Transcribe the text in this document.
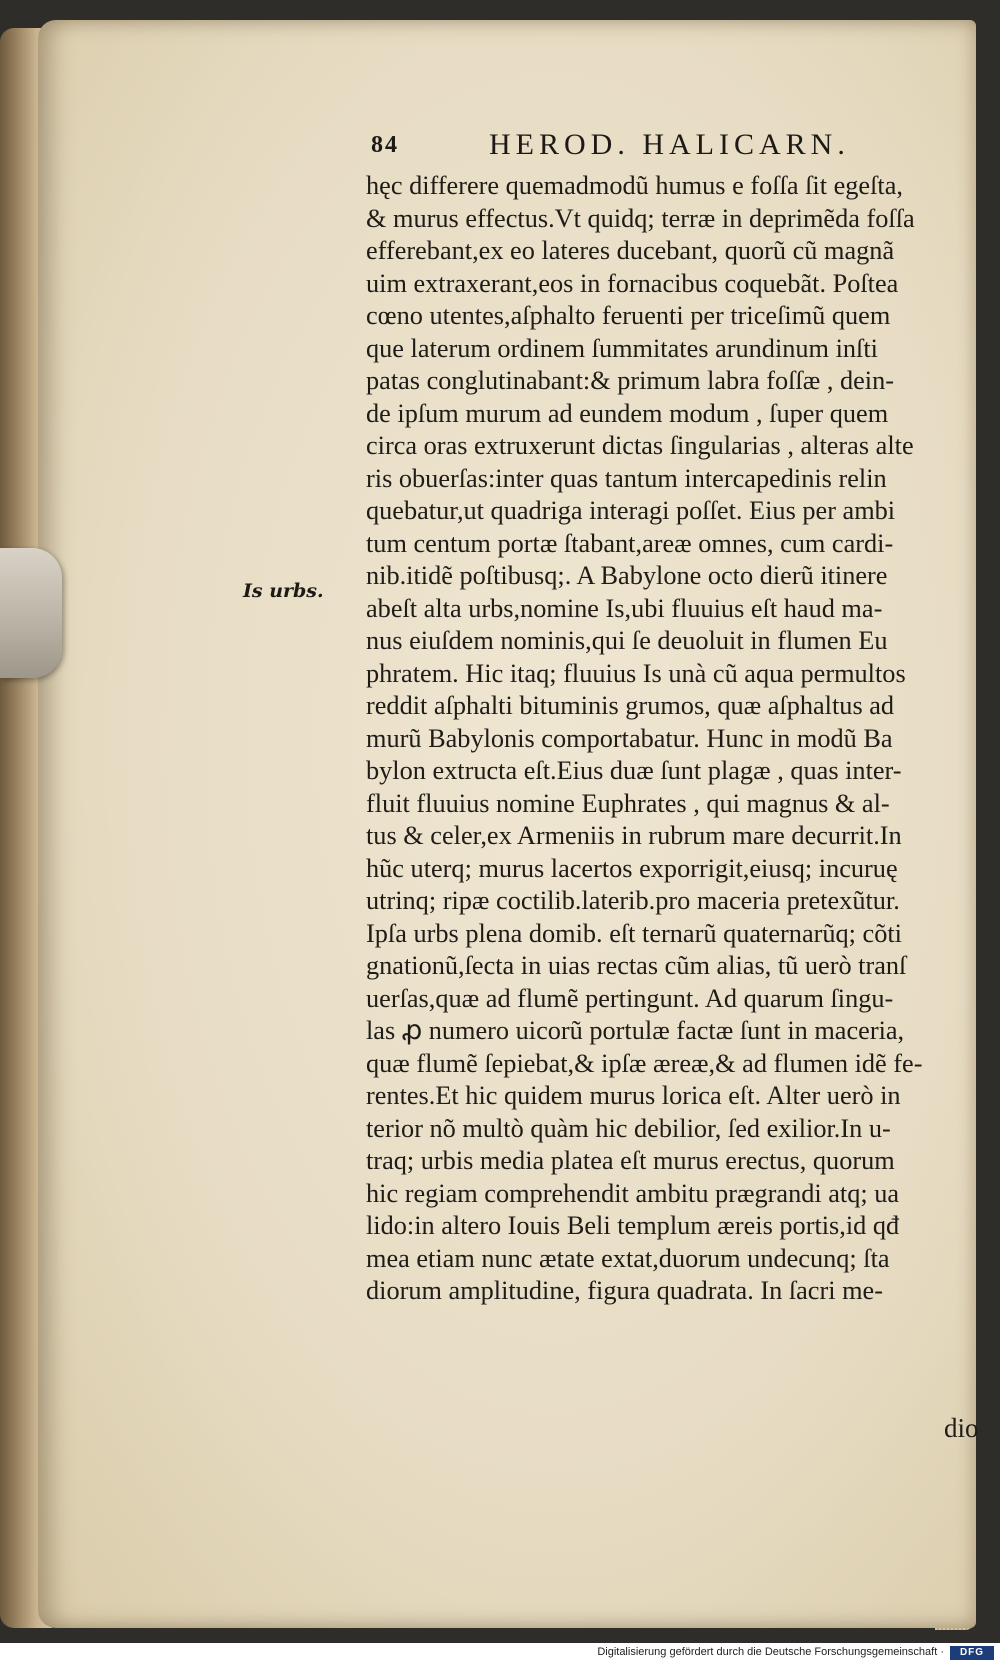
84	HEROD. HALICARN.
Is urbs.
hęc differere quemadmodũ humus e foſſa ſit egeſta,
& murus effectus.Vt quidq; terræ in deprimẽda foſſa
efferebant,ex eo lateres ducebant, quorũ cũ magnã
uim extraxerant,eos in fornacibus coquebãt. Poſtea
cœno utentes,aſphalto feruenti per triceſimũ quem
que laterum ordinem ſummitates arundinum inſti
patas conglutinabant:& primum labra foſſæ , dein-
de ipſum murum ad eundem modum , ſuper quem
circa oras extruxerunt dictas ſingularias , alteras alte
ris obuerſas:inter quas tantum intercapedinis relin
quebatur,ut quadriga interagi poſſet. Eius per ambi
tum centum portæ ſtabant,areæ omnes, cum cardi-
nib.itidẽ poſtibusq;. A Babylone octo dierũ itinere
abeſt alta urbs,nomine Is,ubi fluuius eſt haud ma-
nus eiuſdem nominis,qui ſe deuoluit in flumen Eu
phratem. Hic itaq; fluuius Is unà cũ aqua permultos
reddit aſphalti bituminis grumos, quæ aſphaltus ad
murũ Babylonis comportabatur. Hunc in modũ Ba
bylon extructa eſt.Eius duæ ſunt plagæ , quas inter-
fluit fluuius nomine Euphrates , qui magnus & al-
tus & celer,ex Armeniis in rubrum mare decurrit.In
hũc uterq; murus lacertos exporrigit,eiusq; incuruę
utrinq; ripæ coctilib.laterib.pro maceria pretexũtur.
Ipſa urbs plena domib. eſt ternarũ quaternarũq; cõti
gnationũ,ſecta in uias rectas cũm alias, tũ uerò tranſ
uerſas,quæ ad flumẽ pertingunt. Ad quarum ſingu-
las ꝓ numero uicorũ portulæ factæ ſunt in maceria,
quæ flumẽ ſepiebat,& ipſæ æreæ,& ad flumen idẽ fe-
rentes.Et hic quidem murus lorica eſt. Alter uerò in
terior nõ multò quàm hic debilior, ſed exilior.In u-
traq; urbis media platea eſt murus erectus, quorum
hic regiam comprehendit ambitu prægrandi atq; ua
lido:in altero Iouis Beli templum æreis portis,id qđ
mea etiam nunc ætate extat,duorum undecunq; ſta
diorum amplitudine, figura quadrata. In ſacri me-
dio
Digitalisierung gefördert durch die Deutsche Forschungsgemeinschaft ·	DFG
